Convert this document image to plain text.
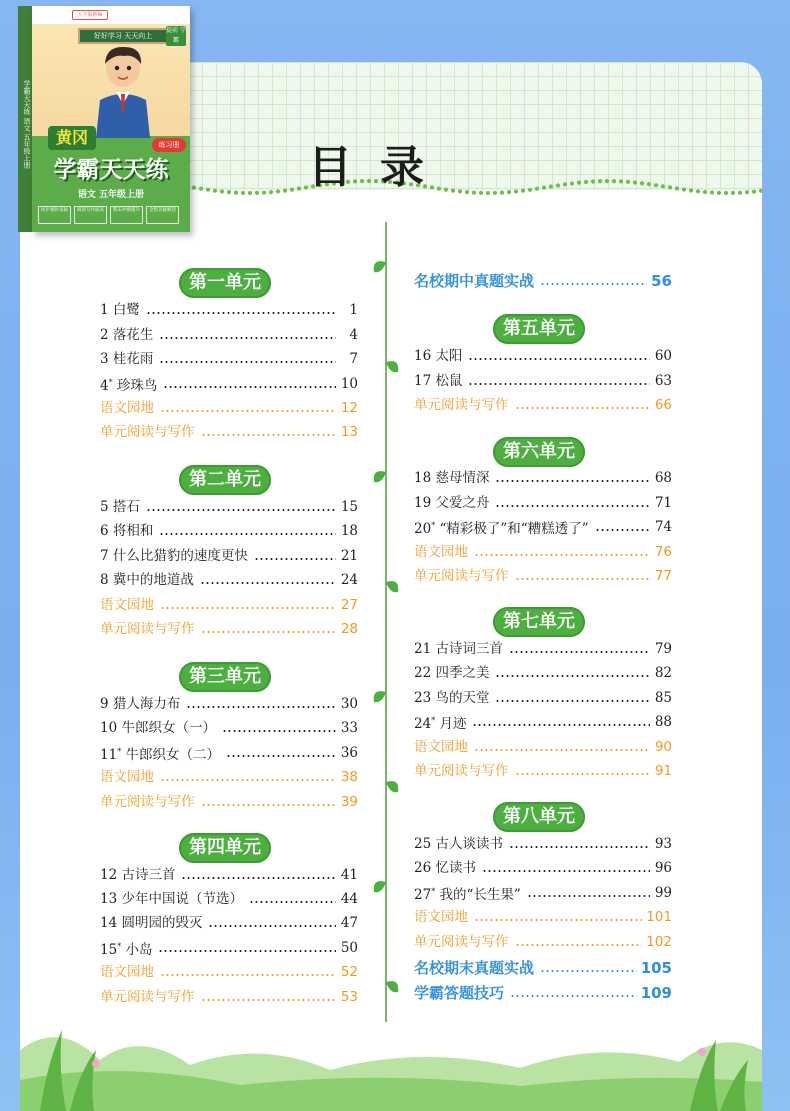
目录
学霸天天练 语文 五年级上册
大字版新编
好好学习 天天向上
提前 学霸
黄冈	练习册
学霸天天练
语文 五年级上册
同步课时基础	阅读写作拔高	期末冲刺提升	全程答疑解惑
第一单元
第二单元
第三单元
第四单元
第五单元
第六单元
第七单元
第八单元
1 白鹭	1
2 落花生	4
3 桂花雨	7
4* 珍珠鸟	10
语文园地	12
单元阅读与写作	13
5 搭石	15
6 将相和	18
7 什么比猎豹的速度更快	21
8 冀中的地道战	24
语文园地	27
单元阅读与写作	28
9 猎人海力布	30
10 牛郎织女（一）	33
11* 牛郎织女（二）	36
语文园地	38
单元阅读与写作	39
12 古诗三首	41
13 少年中国说（节选）	44
14 圆明园的毁灭	47
15* 小岛	50
语文园地	52
单元阅读与写作	53
名校期中真题实战	56
16 太阳	60
17 松鼠	63
单元阅读与写作	66
18 慈母情深	68
19 父爱之舟	71
20* “精彩极了”和“糟糕透了”	74
语文园地	76
单元阅读与写作	77
21 古诗词三首	79
22 四季之美	82
23 鸟的天堂	85
24* 月迹	88
语文园地	90
单元阅读与写作	91
25 古人谈读书	93
26 忆读书	96
27* 我的“长生果”	99
语文园地	101
单元阅读与写作	102
名校期末真题实战	105
学霸答题技巧	109
